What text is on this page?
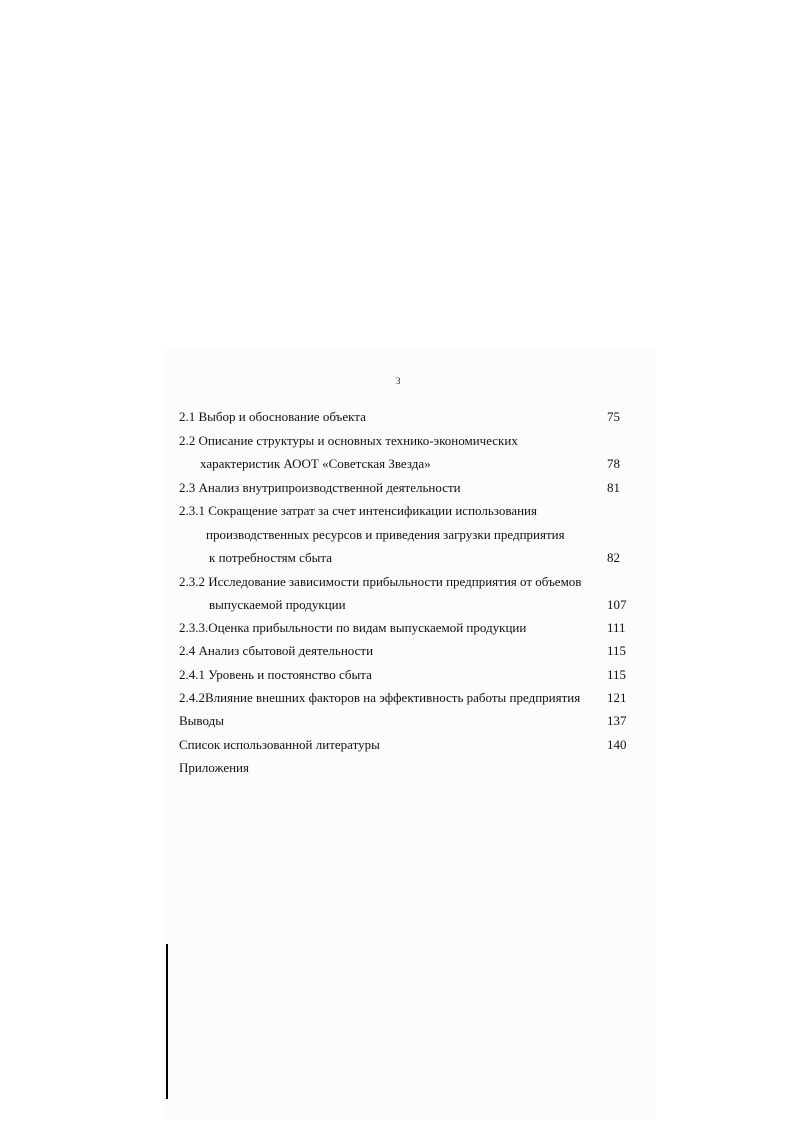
3
2.1 Выбор и обоснование объекта	75
2.2 Описание структуры и основных технико-экономических
характеристик АООТ «Советская Звезда»	78
2.3 Анализ внутрипроизводственной деятельности	81
2.3.1 Сокращение затрат за счет интенсификации использования
производственных ресурсов и приведения загрузки предприятия
к потребностям сбыта	82
2.3.2 Исследование зависимости прибыльности предприятия от объемов
выпускаемой продукции	107
2.3.3.Оценка прибыльности по видам выпускаемой продукции	111
2.4 Анализ сбытовой деятельности	115
2.4.1 Уровень и постоянство сбыта	115
2.4.2Влияние внешних факторов на эффективность работы предприятия 121
Выводы	137
Список использованной литературы	140
Приложения
